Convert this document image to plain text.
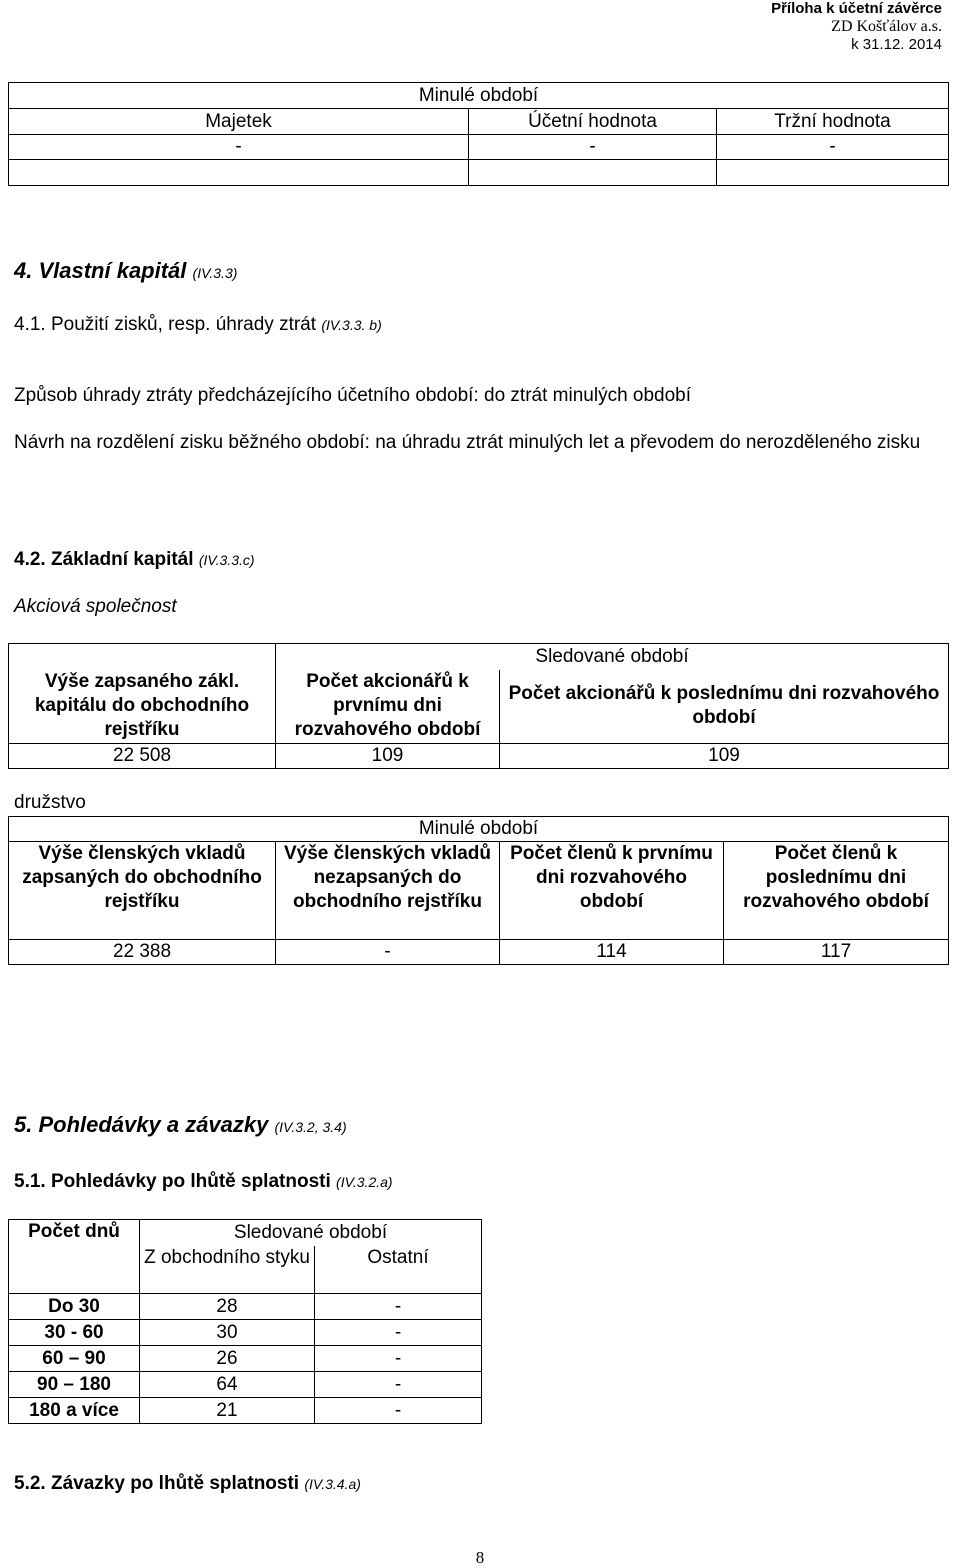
Příloha k účetní závěrce
ZD Košťálov a.s.
k 31.12. 2014
Minulé období		
Majetek	Účetní hodnota	Tržní hodnota
-	-	-

4. Vlastní kapitál (IV.3.3)
4.1. Použití zisků, resp. úhrady ztrát (IV.3.3. b)
Způsob úhrady ztráty předcházejícího účetního období: do ztrát minulých období
Návrh na rozdělení zisku běžného období: na úhradu ztrát minulých let a převodem do nerozděleného zisku
4.2. Základní kapitál (IV.3.3.c)
Akciová společnost
Výše zapsaného zákl. kapitálu do obchodního rejstříku	Sledované období	
	Počet akcionářů k prvnímu dni rozvahového období	Počet akcionářů k poslednímu dni rozvahového období
22 508	109	109
družstvo
Minulé období			
Výše členských vkladů zapsaných do obchodního rejstříku	Výše členských vkladů nezapsaných do obchodního rejstříku	Počet členů k prvnímu dni rozvahového období	Počet členů k poslednímu dni rozvahového období
22 388	-	114	117
5. Pohledávky a závazky (IV.3.2, 3.4)
5.1. Pohledávky po lhůtě splatnosti (IV.3.2.a)
Počet dnů	Sledované období	
	Z obchodního styku	Ostatní
Do 30	28	-
30 - 60	30	-
60 – 90	26	-
90 – 180	64	-
180 a více	21	-
5.2. Závazky po lhůtě splatnosti (IV.3.4.a)
8
